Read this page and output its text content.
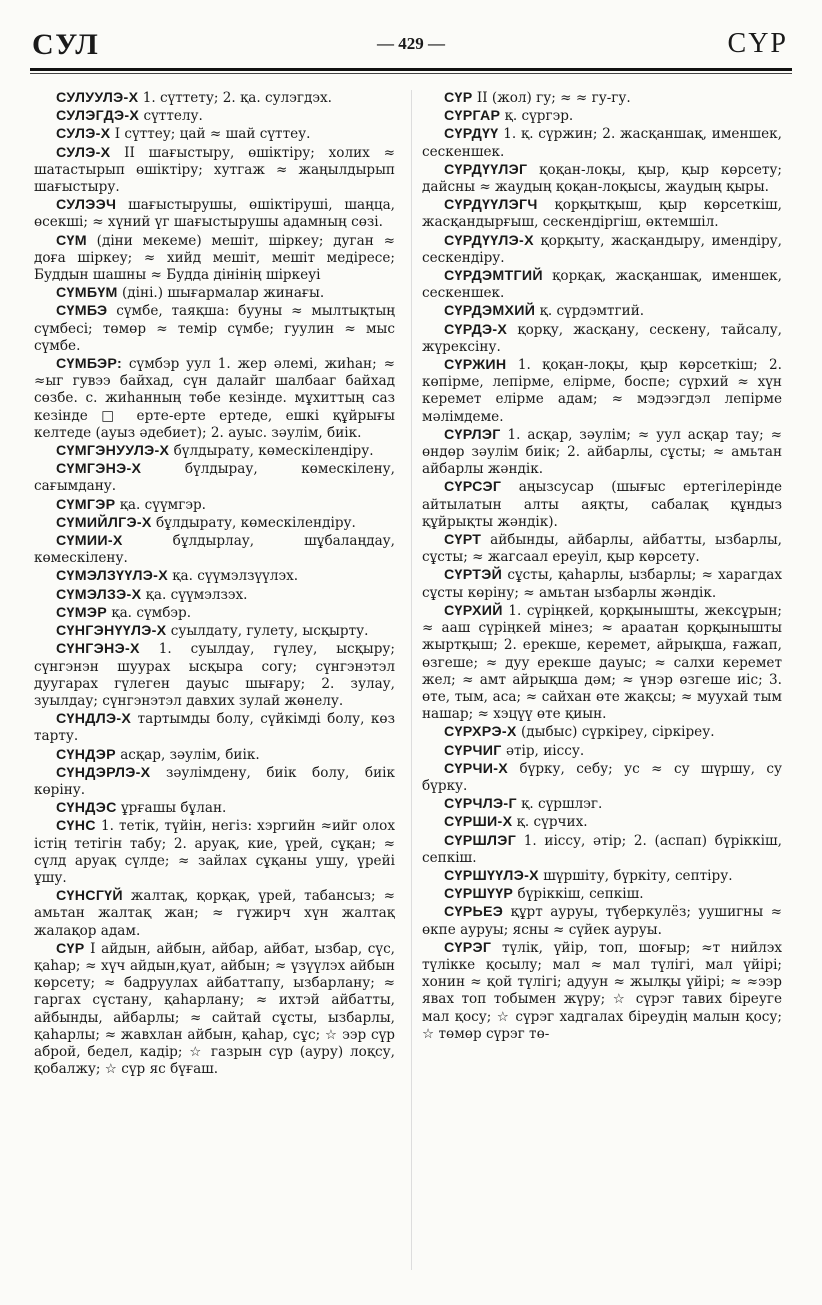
СУЛ	— 429 —	СҮР

СУЛУУЛЭ-Х 1. сүттету; 2. қа. сулэгдэх.

СУЛЭГДЭ-Х сүттелу.

СУЛЭ-Х I сүттеу; цай ≈ шай сүттеу.

СУЛЭ-Х II шағыстыру, өшіктіру; холих ≈ шатастырып өшіктіру; хутгаж ≈ жаңылдырып шағыстыру.

СУЛЭЭЧ шағыстырушы, өшіктірушi, шаңца, өсекші; ≈ хүний үг шағыстырушы адамның сөзі.

СҮМ (діни мекеме) мешіт, шіркеу; дуган ≈ доға шіркеу; ≈ хийд мешіт, мешіт медiресе; Буддын шашны ≈ Будда дінінің шіркеуі

СҮМБҮМ (діні.) шығармалар жинағы.

СҮМБЭ сүмбе, таяқша: бууны ≈ мылтықтың сүмбесі; төмөр ≈ темір сүмбе; гуулин ≈ мыс сүмбе.

СҮМБЭР: сүмбэр уул 1. жер әлемі, жиһан; ≈ ≈ыг гувээ байхад, сүн далайг шалбааг байхад сөзбе. с. жиһанның төбе кезінде. мұхиттың саз кезінде □ ерте-ерте ертеде, ешкі құйрығы келтеде (ауыз әдебиет); 2. ауыс. зәулім, биік.

СҮМГЭНУУЛЭ-Х бүлдырату, көмескілендіру.

СҮМГЭНЭ-Х	бүлдырау, көмескілену, сағымдану.

СҮМГЭР қа. сүүмгэр.

СҮМИЙЛГЭ-Х бұлдырату, көмескілендіру.

СҮМИИ-Х	бұлдырлау, шұбалаңдау, көмескілену.

СҮМЭЛЗҮҮЛЭ-Х қа. сүүмэлзүүлэх.

СҮМЭЛЗЭ-Х қа. сүүмэлзэх.

СҮМЭР қа. сүмбэр.

СҮНГЭНҮҮЛЭ-Х суылдату, гулету, ысқырту.

СҮНГЭНЭ-Х 1. суылдау, гүлеу, ысқыру; сүнгэнэн шуурах ысқыра согу; сүнгэнэтэл дуугарах гүлеген дауыс шығару; 2. зулау, зуылдау; сүнгэнэтэл давхих зулай жөнелу.

СҮНДЛЭ-Х тартымды болу, сүйкімді болу, көз тарту.

СҮНДЭР асқар, зәулім, биік.

СҮНДЭРЛЭ-Х зәулімдену, биік болу, биік көріну.

СҮНДЭС ұрғашы бұлан.

СҮНС 1. тетік, түйін, негіз: хэргийн ≈ийг олох icтің тетігін табу; 2. аруақ, кие, үрей, сұқан; ≈ сүлд аруақ сүлде; ≈ зайлах сұқаны ушу, үрейі ұшу.

СҮНСГҮЙ жалтақ, қорқақ, үрей, табансыз; ≈ амьтан жалтақ жан; ≈ гүжирч хүн жалтақ жалақор адам.

СҮР I айдын, айбын, айбар, айбат, ызбар, сүс, қаһар; ≈ хүч айдын,қуат, айбын; ≈ үзүүлэх айбын көрсету; ≈ бадруулах айбаттапу, ызбарлану; ≈ гаргах сүстану, қаһарлану; ≈ ихтэй айбатты, айбынды, айбарлы; ≈ сайтай сұсты, ызбарлы, қаһарлы; ≈ жавхлан айбын, қаһар, сұс; ☆ ээр сүр аброй, бедел, кадір; ☆ газрын сүр (ауру) лоқсу, қобалжу; ☆ сүр яс бүғаш.

СҮР II (жол) гу; ≈ ≈ гу-гу.

СҮРГАР қ. сүргэр.

СҮРДҮҮ 1. қ. сүржин; 2. жасқаншақ, именшек, сескеншек.

СҮРДҮҮЛЭГ қоқан-лоқы, қыр, қыр көрсету; дайсны ≈ жаудың қоқан-лоқысы, жаудың қыры.

СҮРДҮҮЛЭГЧ қорқытқыш, қыр көрсеткіш, жасқандырғыш, сескендіргіш, өктемшіл.

СҮРДҮҮЛЭ-Х қорқыту, жасқандыру, имендіру, сескендіру.

СҮРДЭМТГИЙ қорқақ, жасқаншақ, именшек, сескеншек.

СҮРДЭМХИЙ қ. сүрдэмтгий.

СҮРДЭ-Х қорқу, жасқану, сескену, тайсалу, жүрексіну.

СҮРЖИН 1. қоқан-лоқы, қыр көрсеткіш; 2. көпірме, лепірме, елірме, боспе; сүрхий ≈ хүн керемет елірме адам; ≈ мэдээгдэл лепірме мәлімдеме.

СҮРЛЭГ 1. асқар, зәулім; ≈ уул асқар тау; ≈ өндөр зәулім биік; 2. айбарлы, сұсты; ≈ амьтан айбарлы жәндік.

СҮРСЭГ аңызсусар (шығыс ертегілерінде айтылатын алты аяқты, сабалақ құндыз құйрықты жәндік).

СҮРТ айбынды, айбарлы, айбатты, ызбарлы, сұсты; ≈ жагсаал ереуіл, қыр көрсету.

СҮРТЭЙ сұсты, қаһарлы, ызбарлы; ≈ харагдах сұсты көріну; ≈ амьтан ызбарлы жәндік.

СҮРХИЙ 1. сүрiңкей, қорқынышты, жексұрын; ≈ ааш сүрiңкей мінез; ≈ араатан қорқынышты жыртқыш; 2. ерекше, керемет, айрықша, ғажап, өзгеше; ≈ дуу ерекше дауыс; ≈ салхи керемет жел; ≈ амт айрықша дәм; ≈ үнэр өзгеше иіс; 3. өте, тым, аса; ≈ сайхан өте жақсы; ≈ муухай тым нашар; ≈ хэцүү өте қиын.

СҮРХРЭ-Х (дыбыс) сүркіреу, сіркіреу.

СҮРЧИГ әтір, иіссу.

СҮРЧИ-Х бүрку, себу; ус ≈ су шүршу, су бүрку.

СҮРЧЛЭ-Г қ. сүршлэг.

СҮРШИ-Х қ. сүрчих.

СҮРШЛЭГ 1. иіссу, әтір; 2. (аспап) бүріккіш, сепкіш.

СҮРШҮҮЛЭ-Х шүршіту, бүркіту, септіру.

СҮРШҮҮР бүріккіш, сепкіш.

СҮРЬЕЭ құрт ауруы, түберкулёз; уушигны ≈ өкпе ауруы; ясны ≈ сүйек ауруы.

СҮРЭГ түлік, үйір, топ, шоғыр; ≈т нийлэх түлікке қосылу; мал ≈ мал түлігі, мал үйірі; хонин ≈ қой түлігі; адуун ≈ жылқы үйірі; ≈ ≈ээр явах топ тобымен жүру; ☆ сүрэг тавих біреуге мал қосу; ☆ сүрэг хадгалах біреудің малын қосу; ☆ төмөр сүрэг тө-
